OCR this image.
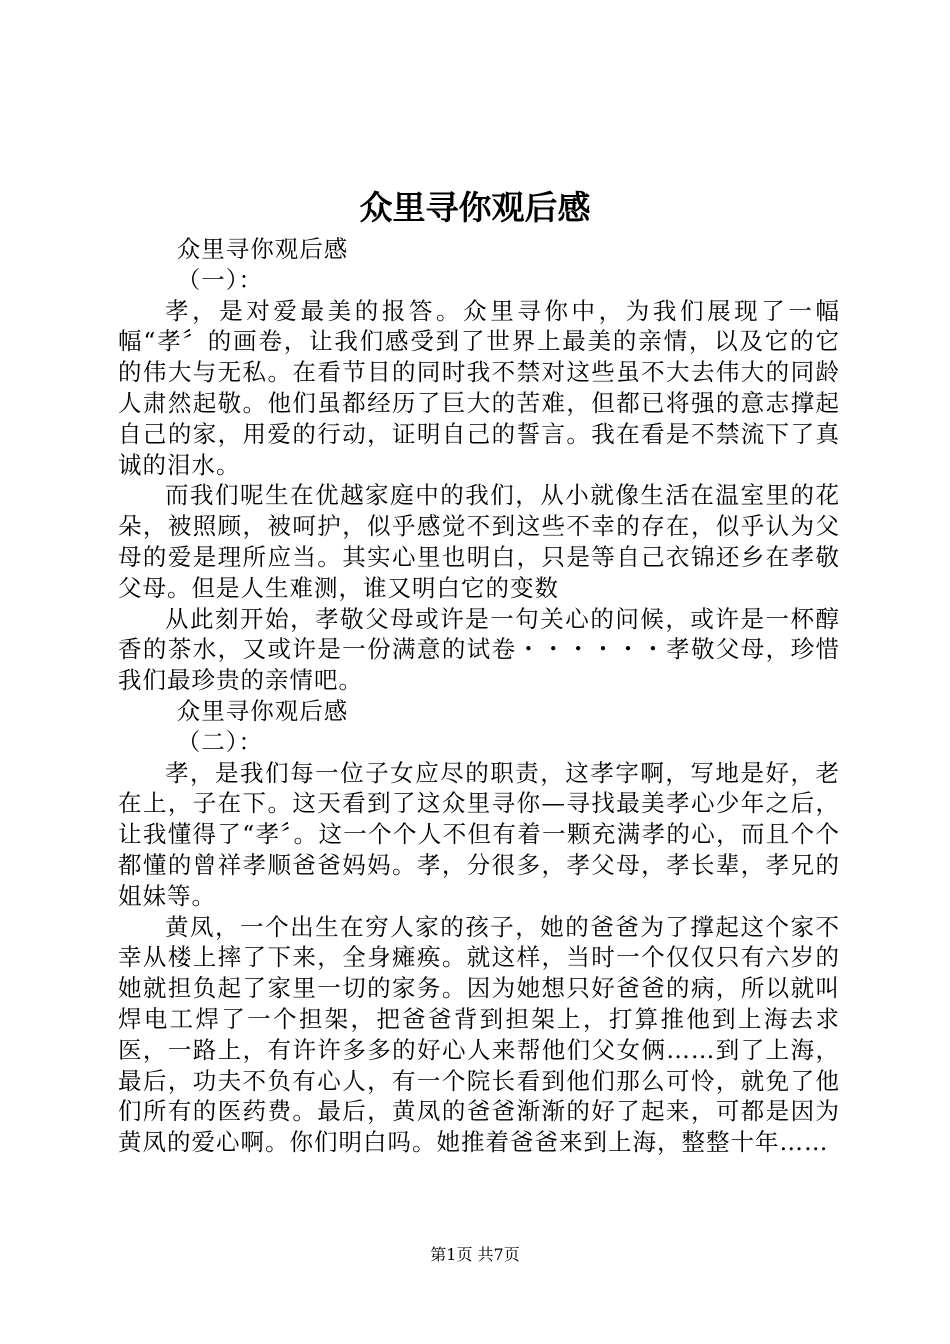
众里寻你观后感

众里寻你观后感

（一）：

孝，是对爱最美的报答。众里寻你中，为我们展现了一幅幅“孝〞的画卷，让我们感受到了世界上最美的亲情，以及它的它的伟大与无私。在看节目的同时我不禁对这些虽不大去伟大的同龄人肃然起敬。他们虽都经历了巨大的苦难，但都已将强的意志撑起自己的家，用爱的行动，证明自己的誓言。我在看是不禁流下了真诚的泪水。

而我们呢生在优越家庭中的我们，从小就像生活在温室里的花朵，被照顾，被呵护，似乎感觉不到这些不幸的存在，似乎认为父母的爱是理所应当。其实心里也明白，只是等自己衣锦还乡在孝敬父母。但是人生难测，谁又明白它的变数

从此刻开始，孝敬父母或许是一句关心的问候，或许是一杯醇香的茶水，又或许是一份满意的试卷・・・・・・孝敬父母，珍惜我们最珍贵的亲情吧。

众里寻你观后感

（二）：

孝，是我们每一位子女应尽的职责，这孝字啊，写地是好，老在上，子在下。这天看到了这众里寻你—寻找最美孝心少年之后，让我懂得了“孝〞。这一个个人不但有着一颗充满孝的心，而且个个都懂的曾祥孝顺爸爸妈妈。孝，分很多，孝父母，孝长辈，孝兄的姐妹等。

黄凤，一个出生在穷人家的孩子，她的爸爸为了撑起这个家不幸从楼上摔了下来，全身瘫痪。就这样，当时一个仅仅只有六岁的她就担负起了家里一切的家务。因为她想只好爸爸的病，所以就叫焊电工焊了一个担架，把爸爸背到担架上，打算推他到上海去求医，一路上，有许许多多的好心人来帮他们父女俩……到了上海，最后，功夫不负有心人，有一个院长看到他们那么可怜，就免了他们所有的医药费。最后，黄凤的爸爸渐渐的好了起来，可都是因为黄凤的爱心啊。你们明白吗。她推着爸爸来到上海，整整十年……

第1页 共7页
